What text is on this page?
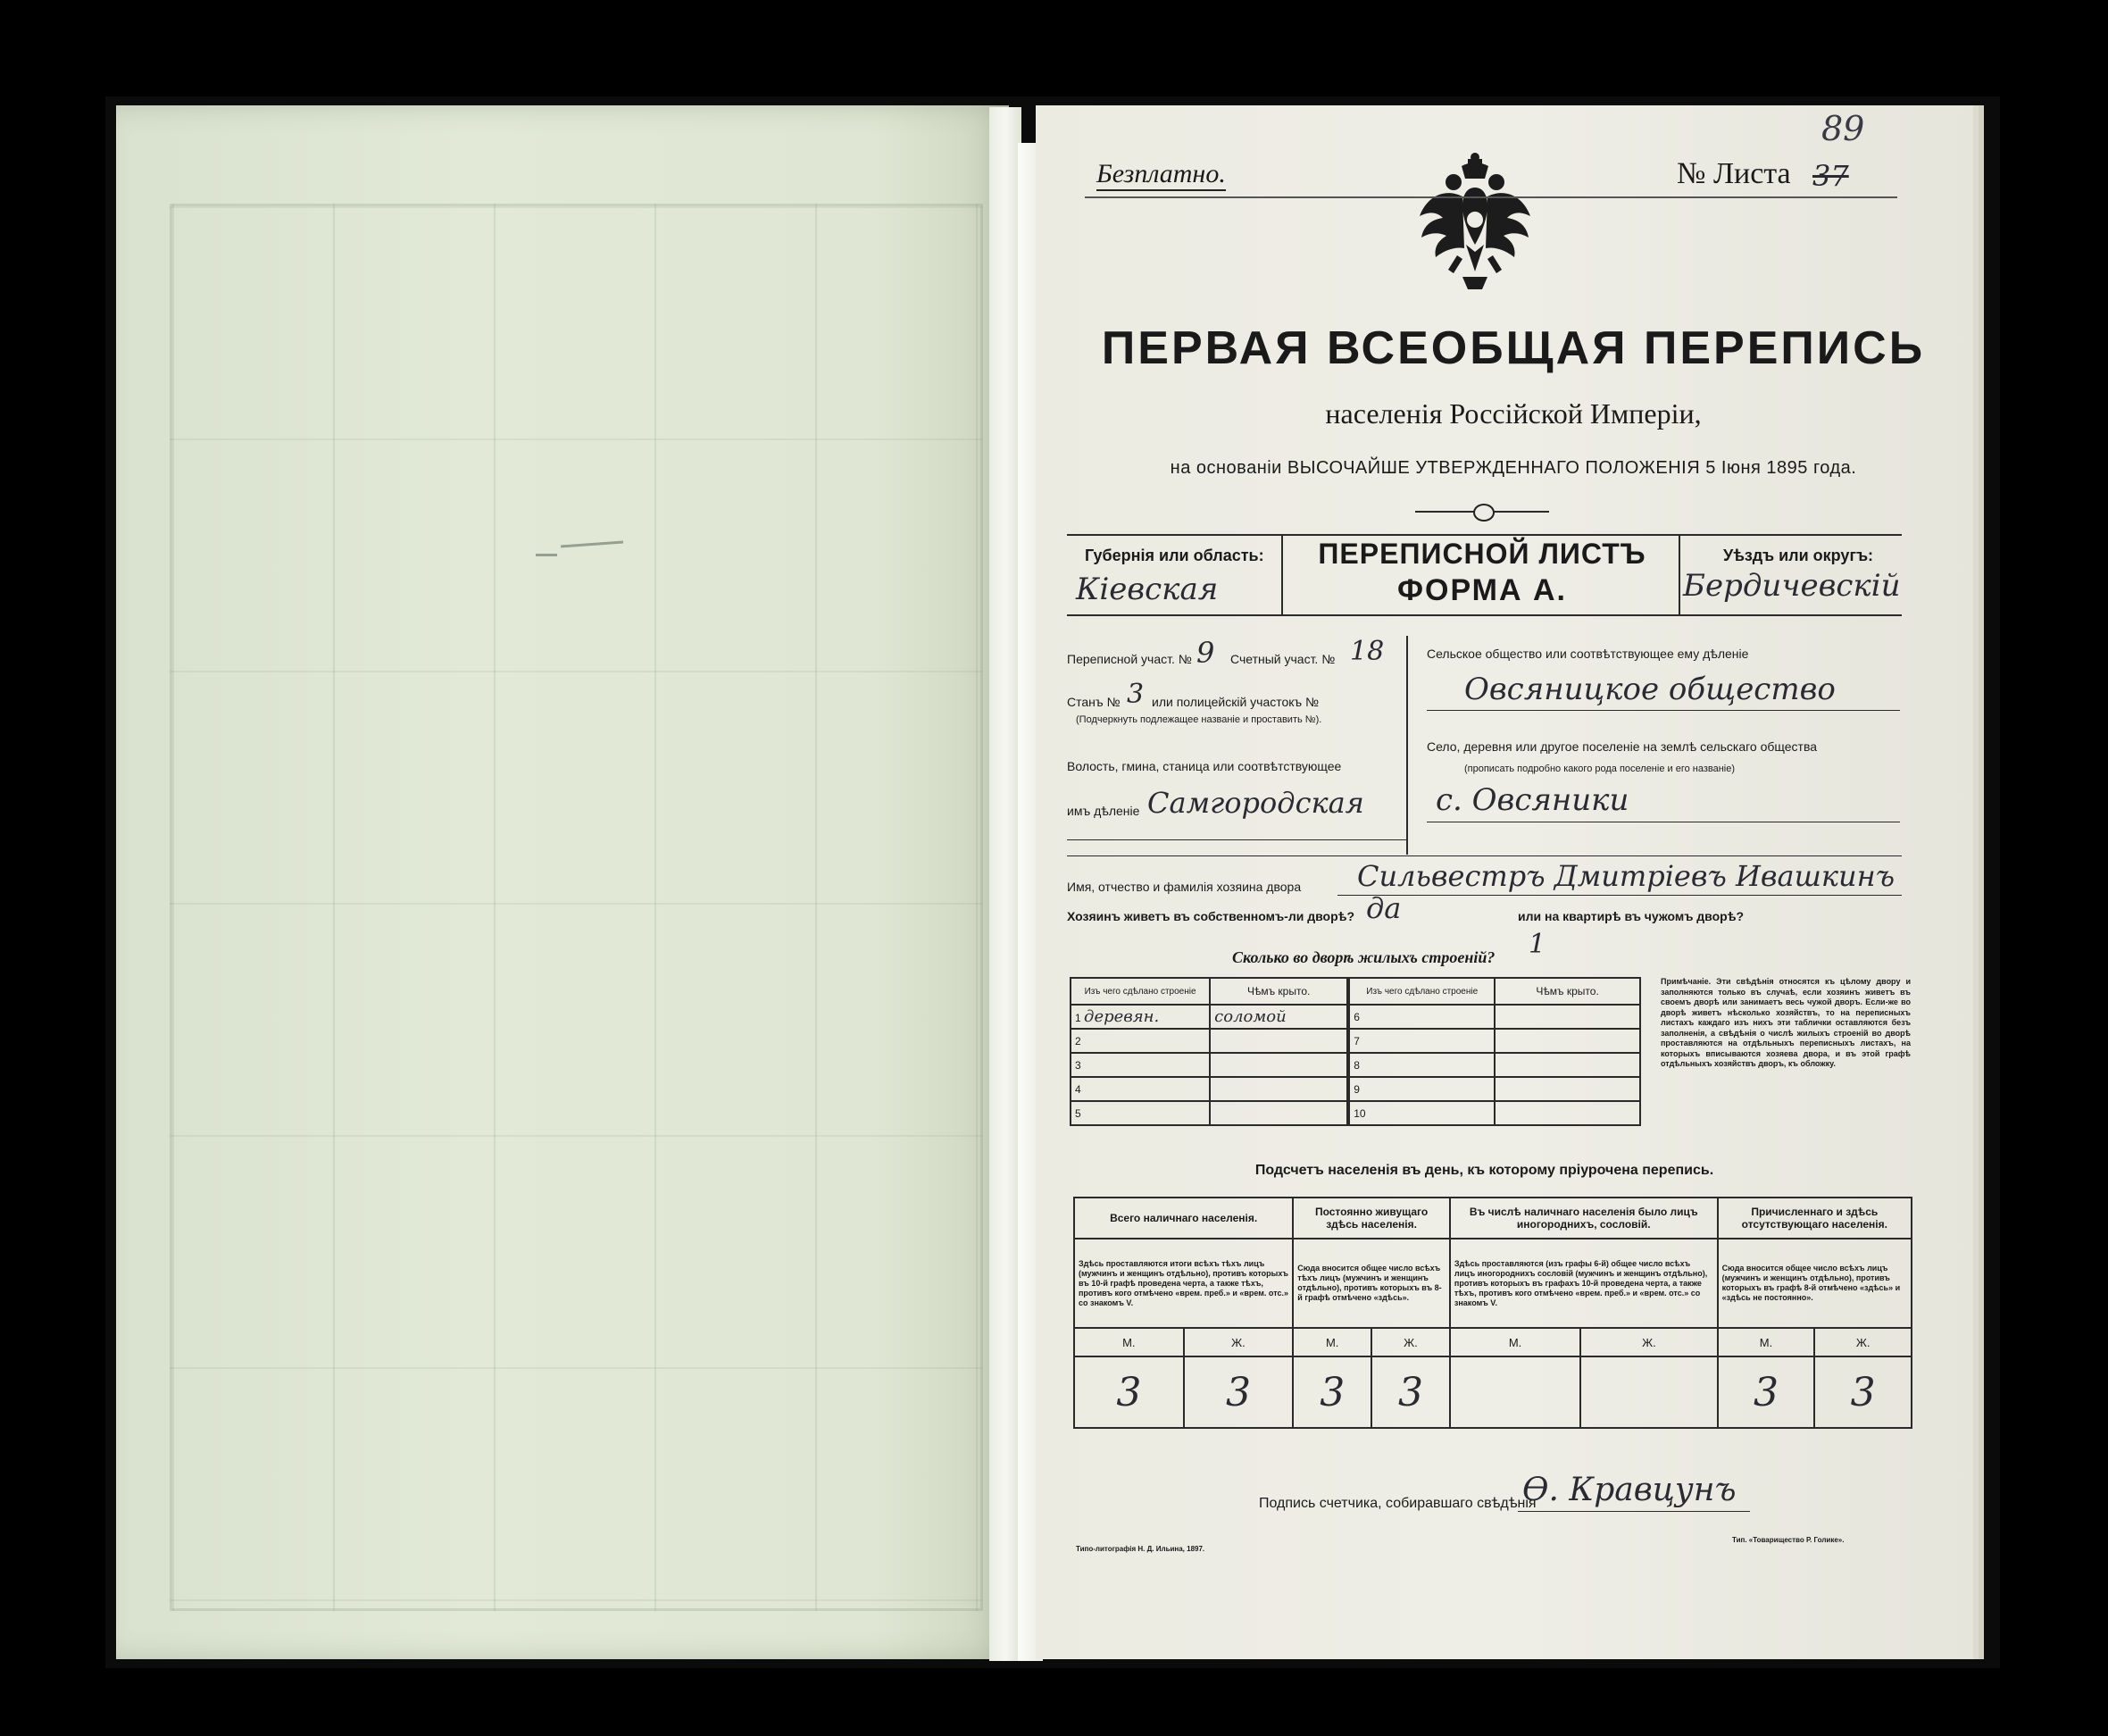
Безплатно.	№ Листа 37
89
ПЕРВАЯ ВСЕОБЩАЯ ПЕРЕПИСЬ
населенія Россійской Имперіи,
на основаніи ВЫСОЧАЙШЕ УТВЕРЖДЕННАГО ПОЛОЖЕНІЯ 5 Іюня 1895 года.
Губернія или область:
Кіевская
ПЕРЕПИСНОЙ ЛИСТЪ
ФОРМА А.
Уѣздъ или округъ:
Бердичевскій
Переписной участ. № 9 Счетный участ. № 18
Станъ № 3 или полицейскій участокъ №
(Подчеркнуть подлежащее названіе и проставить №).
Волость, гмина, станица или соотвѣтствующее
имъ дѣленіе Самгородская
Сельское общество или соотвѣтствующее ему дѣленіе
Овсяницкое общество
Село, деревня или другое поселеніе на землѣ сельскаго общества
(прописать подробно какого рода поселеніе и его названіе)
с. Овсяники
Имя, отчество и фамилія хозяина двора Сильвестръ Дмитріевъ Ивашкинъ
Хозяинъ живетъ въ собственномъ-ли дворѣ? да	или на квартирѣ въ чужомъ дворѣ?
Сколько во дворѣ жилыхъ строеній? 1
Изъ чего сдѣлано строеніе	Чѣмъ крыто.	Изъ чего сдѣлано строеніе	Чѣмъ крыто.
1 деревян.	соломой	6	
2		7	
3		8	
4		9	
5		10	
Примѣчаніе. Эти свѣдѣнія относятся къ цѣлому двору и заполняются только въ случаѣ, если хозяинъ живетъ въ своемъ дворѣ или занимаетъ весь чужой дворъ. Если-же во дворѣ живетъ нѣсколько хозяйствъ, то на переписныхъ листахъ каждаго изъ нихъ эти таблички оставляются безъ заполненія, а свѣдѣнія о числѣ жилыхъ строеній во дворѣ проставляются на отдѣльныхъ переписныхъ листахъ, на которыхъ вписываются хозяева двора, и въ этой графѣ отдѣльныхъ хозяйствъ дворъ, къ обложку.
Подсчетъ населенія въ день, къ которому пріурочена перепись.
Всего наличнаго населенія.		Постоянно живущаго здѣсь населенія.		Въ числѣ наличнаго населенія было лицъ иногороднихъ, сословій.		Причисленнаго и здѣсь отсутствующаго населенія.	
Здѣсь проставляются итоги всѣхъ тѣхъ лицъ (мужчинъ и женщинъ отдѣльно), противъ которыхъ въ 10-й графѣ проведена черта, а также тѣхъ, противъ кого отмѣчено «врем. преб.» и «врем. отс.» со знакомъ V.		Сюда вносится общее число всѣхъ тѣхъ лицъ (мужчинъ и женщинъ отдѣльно), противъ которыхъ въ 8-й графѣ отмѣчено «здѣсь».		Здѣсь проставляются (изъ графы 6-й) общее число всѣхъ лицъ иногороднихъ сословій (мужчинъ и женщинъ отдѣльно), противъ которыхъ въ графахъ 10-й проведена черта, а также тѣхъ, противъ кого отмѣчено «врем. преб.» и «врем. отс.» со знакомъ V.		Сюда вносится общее число всѣхъ лицъ (мужчинъ и женщинъ отдѣльно), противъ которыхъ въ графѣ 8-й отмѣчено «здѣсь» и «здѣсь не постоянно».	
М.	Ж.	М.	Ж.	М.	Ж.	М.	Ж.
3	3	3	3			3	3
Подпись счетчика, собиравшаго свѣдѣнія
Ѳ. Кравцунъ
Типо-литографія Н. Д. Ильина, 1897.
Тип. «Товарищество Р. Голике».
